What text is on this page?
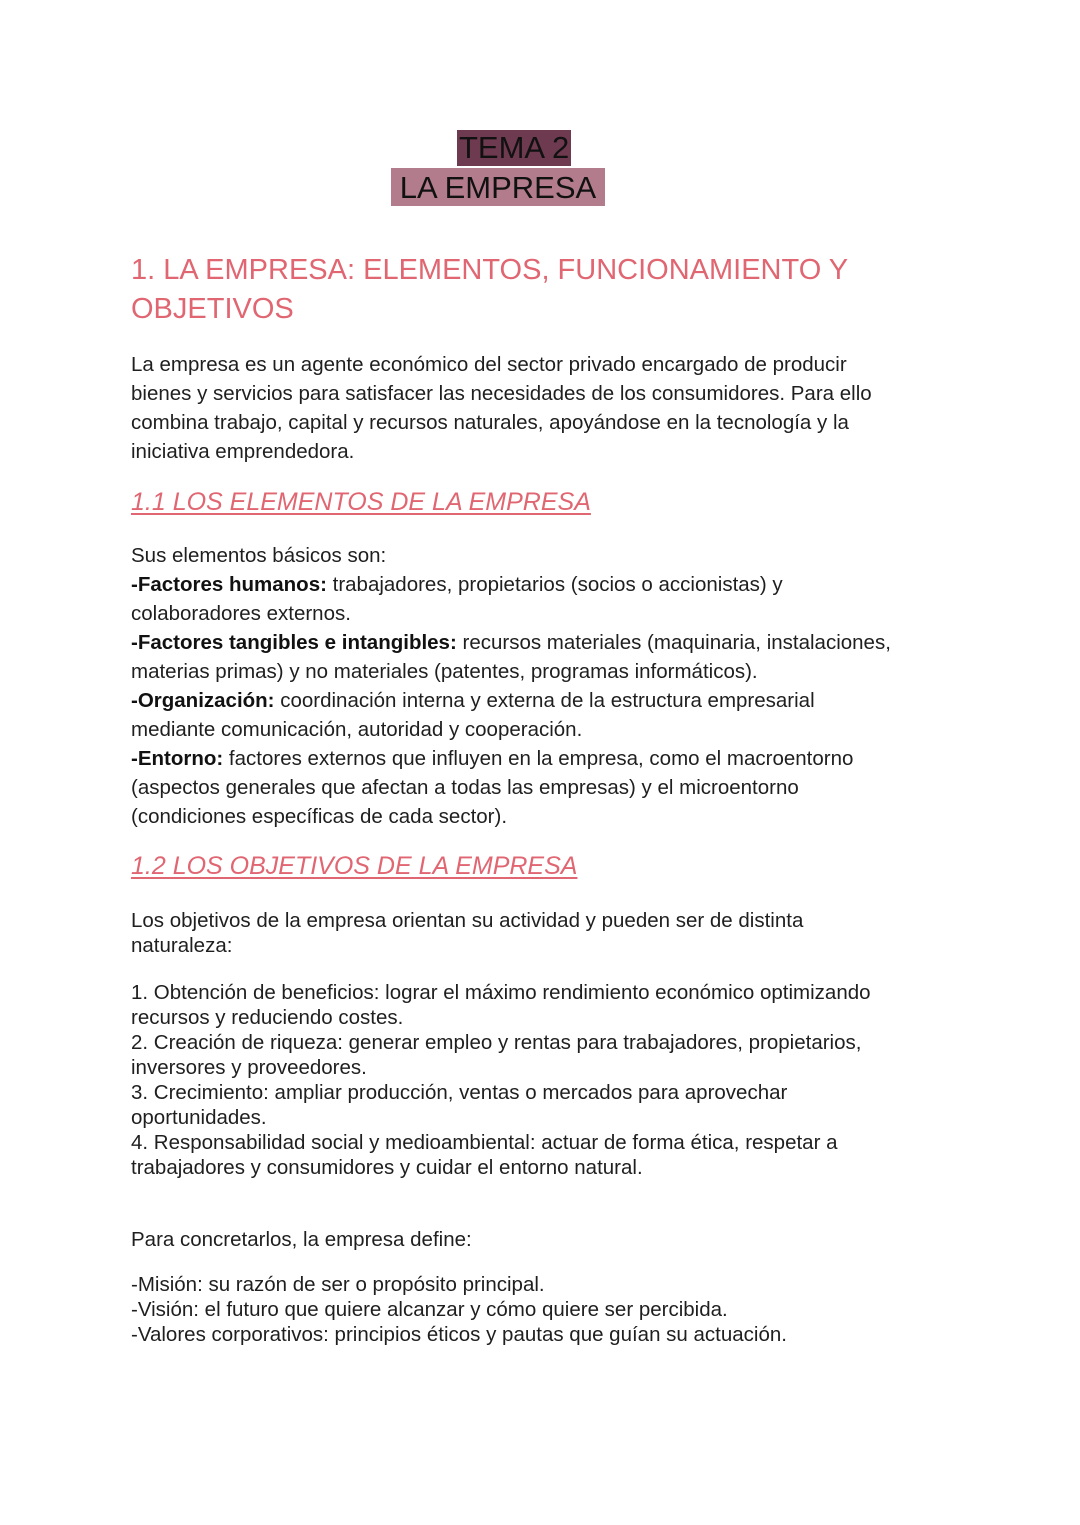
TEMA 2
LA EMPRESA
1. LA EMPRESA: ELEMENTOS, FUNCIONAMIENTO Y
OBJETIVOS
La empresa es un agente económico del sector privado encargado de producir
bienes y servicios para satisfacer las necesidades de los consumidores. Para ello
combina trabajo, capital y recursos naturales, apoyándose en la tecnología y la
iniciativa emprendedora.
1.1 LOS ELEMENTOS DE LA EMPRESA
Sus elementos básicos son:
-Factores humanos: trabajadores, propietarios (socios o accionistas) y
colaboradores externos.
-Factores tangibles e intangibles: recursos materiales (maquinaria, instalaciones,
materias primas) y no materiales (patentes, programas informáticos).
-Organización: coordinación interna y externa de la estructura empresarial
mediante comunicación, autoridad y cooperación.
-Entorno: factores externos que influyen en la empresa, como el macroentorno
(aspectos generales que afectan a todas las empresas) y el microentorno
(condiciones específicas de cada sector).
1.2 LOS OBJETIVOS DE LA EMPRESA
Los objetivos de la empresa orientan su actividad y pueden ser de distinta
naturaleza:
1. Obtención de beneficios: lograr el máximo rendimiento económico optimizando
recursos y reduciendo costes.
2. Creación de riqueza: generar empleo y rentas para trabajadores, propietarios,
inversores y proveedores.
3. Crecimiento: ampliar producción, ventas o mercados para aprovechar
oportunidades.
4. Responsabilidad social y medioambiental: actuar de forma ética, respetar a
trabajadores y consumidores y cuidar el entorno natural.
Para concretarlos, la empresa define:
-Misión: su razón de ser o propósito principal.
-Visión: el futuro que quiere alcanzar y cómo quiere ser percibida.
-Valores corporativos: principios éticos y pautas que guían su actuación.
